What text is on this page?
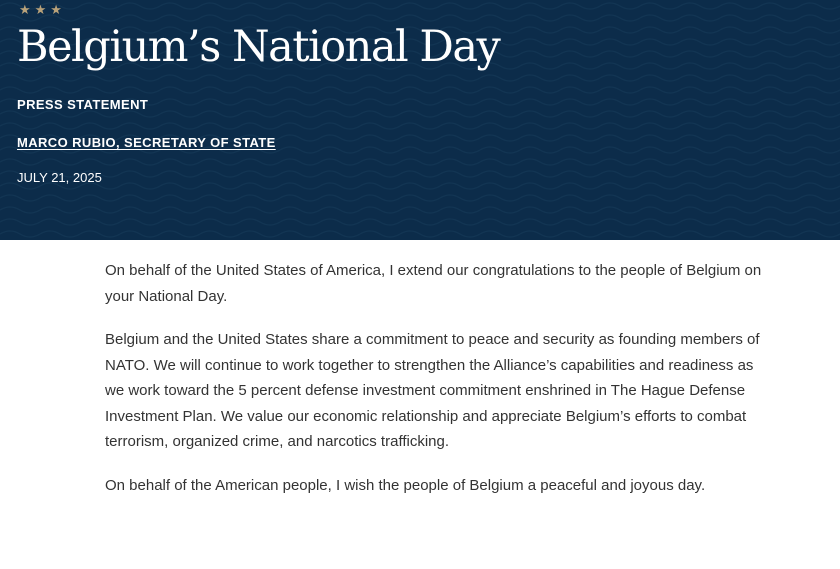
★★★
Belgium’s National Day
PRESS STATEMENT
MARCO RUBIO, SECRETARY OF STATE
JULY 21, 2025

On behalf of the United States of America, I extend our congratulations to the people of Belgium on your National Day.

Belgium and the United States share a commitment to peace and security as founding members of NATO. We will continue to work together to strengthen the Alliance’s capabilities and readiness as we work toward the 5 percent defense investment commitment enshrined in The Hague Defense Investment Plan. We value our economic relationship and appreciate Belgium’s efforts to combat terrorism, organized crime, and narcotics trafficking.

On behalf of the American people, I wish the people of Belgium a peaceful and joyous day.
